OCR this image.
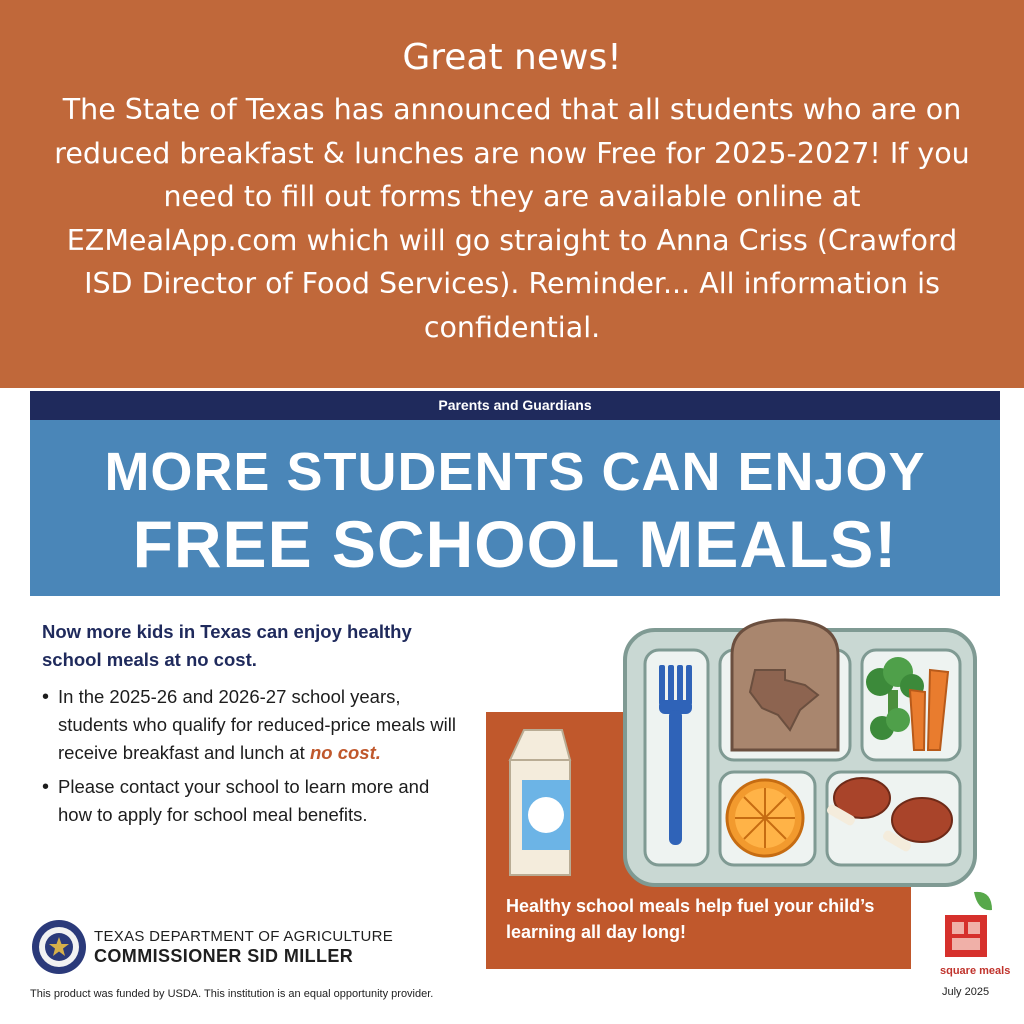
Great news!
The State of Texas has announced that all students who are on reduced breakfast & lunches are now Free for 2025-2027! If you need to fill out forms they are available online at EZMealApp.com which will go straight to Anna Criss (Crawford ISD Director of Food Services). Reminder... All information is confidential.
Parents and Guardians
MORE STUDENTS CAN ENJOY
FREE SCHOOL MEALS!
Now more kids in Texas can enjoy healthy school meals at no cost.
• In the 2025-26 and 2026-27 school years, students who qualify for reduced-price meals will receive breakfast and lunch at no cost.
• Please contact your school to learn more and how to apply for school meal benefits.
Healthy school meals help fuel your child’s learning all day long!
TEXAS DEPARTMENT OF AGRICULTURE
COMMISSIONER SID MILLER
This product was funded by USDA. This institution is an equal opportunity provider.
square meals
July 2025
